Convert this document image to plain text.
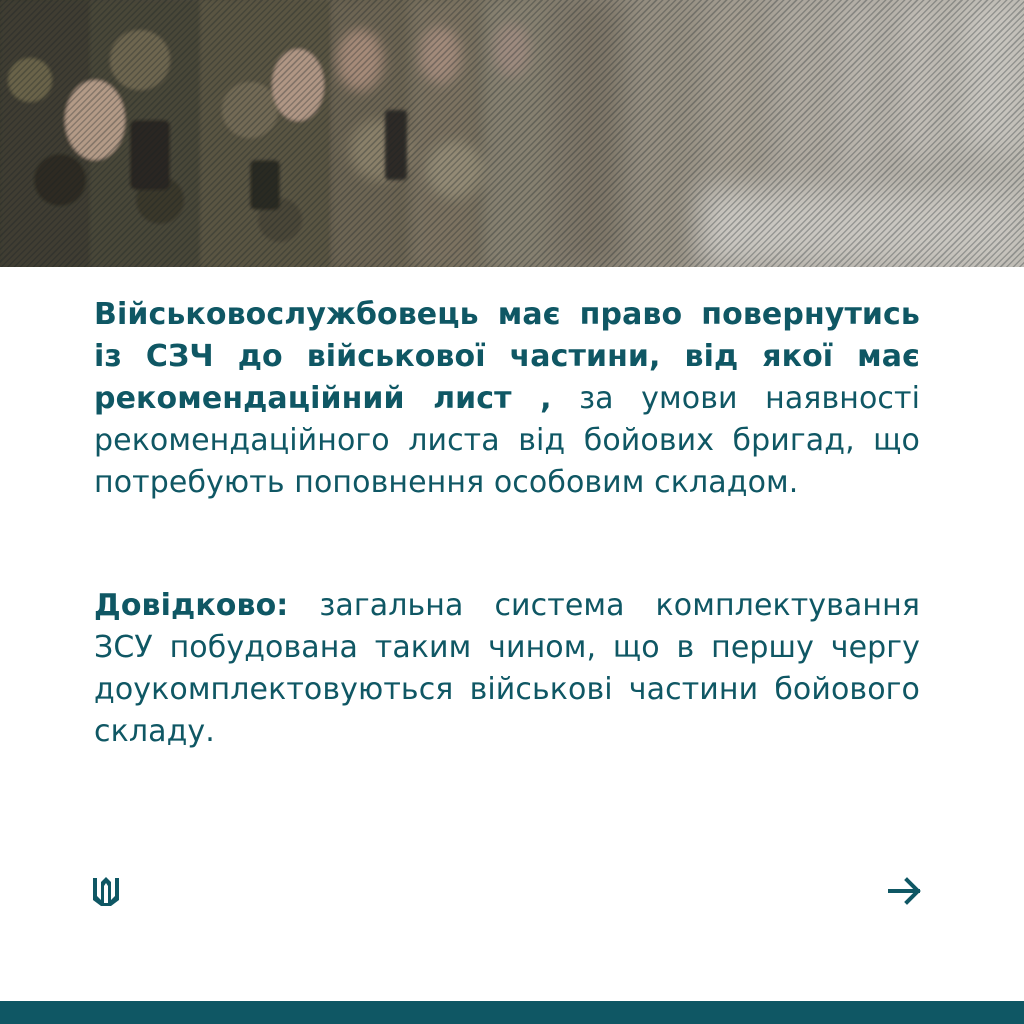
Військовослужбовець має право повернутись із СЗЧ до військової частини, від якої має рекомендаційний лист , за умови наявності рекомендаційного листа від бойових бригад, що потребують поповнення особовим складом.
Довідково: загальна система комплектування ЗСУ побудована таким чином, що в першу чергу доукомплектовуються військові частини бойового складу.
